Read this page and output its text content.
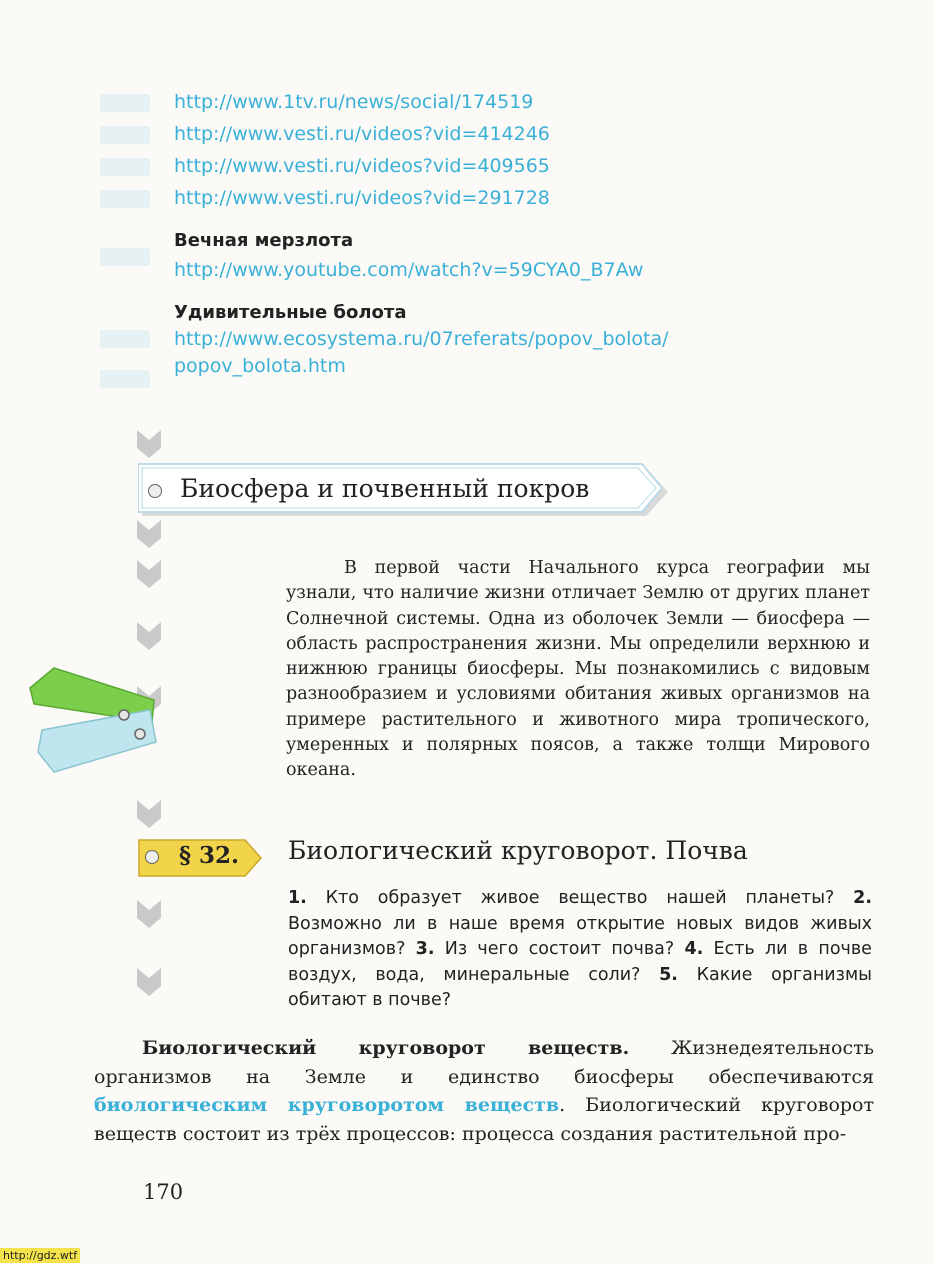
http://www.1tv.ru/news/social/174519
http://www.vesti.ru/videos?vid=414246
http://www.vesti.ru/videos?vid=409565
http://www.vesti.ru/videos?vid=291728
Вечная мерзлота
http://www.youtube.com/watch?v=59CYA0_B7Aw
Удивительные болота
http://www.ecosystema.ru/07referats/popov_bolota/
popov_bolota.htm
Биосфера и почвенный покров

В первой части Начального курса географии мы узнали, что наличие жизни отличает Землю от других планет Солнечной системы. Одна из оболочек Земли — биосфера — область распространения жизни. Мы определили верхнюю и нижнюю границы биосферы. Мы познакомились с видовым разнообразием и условиями обитания живых организмов на примере растительного и животного мира тропического, умеренных и полярных поясов, а также толщи Мирового океана.

§ 32. Биологический круговорот. Почва

1. Кто образует живое вещество нашей планеты? 2. Возможно ли в наше время открытие новых видов живых организмов? 3. Из чего состоит почва? 4. Есть ли в почве воздух, вода, минеральные соли? 5. Какие организмы обитают в почве?

Биологический круговорот веществ. Жизнедеятельность организмов на Земле и единство биосферы обеспечиваются биологическим круговоротом веществ. Биологический круговорот веществ состоит из трёх процессов: процесса создания растительной про-

170
http://gdz.wtf
